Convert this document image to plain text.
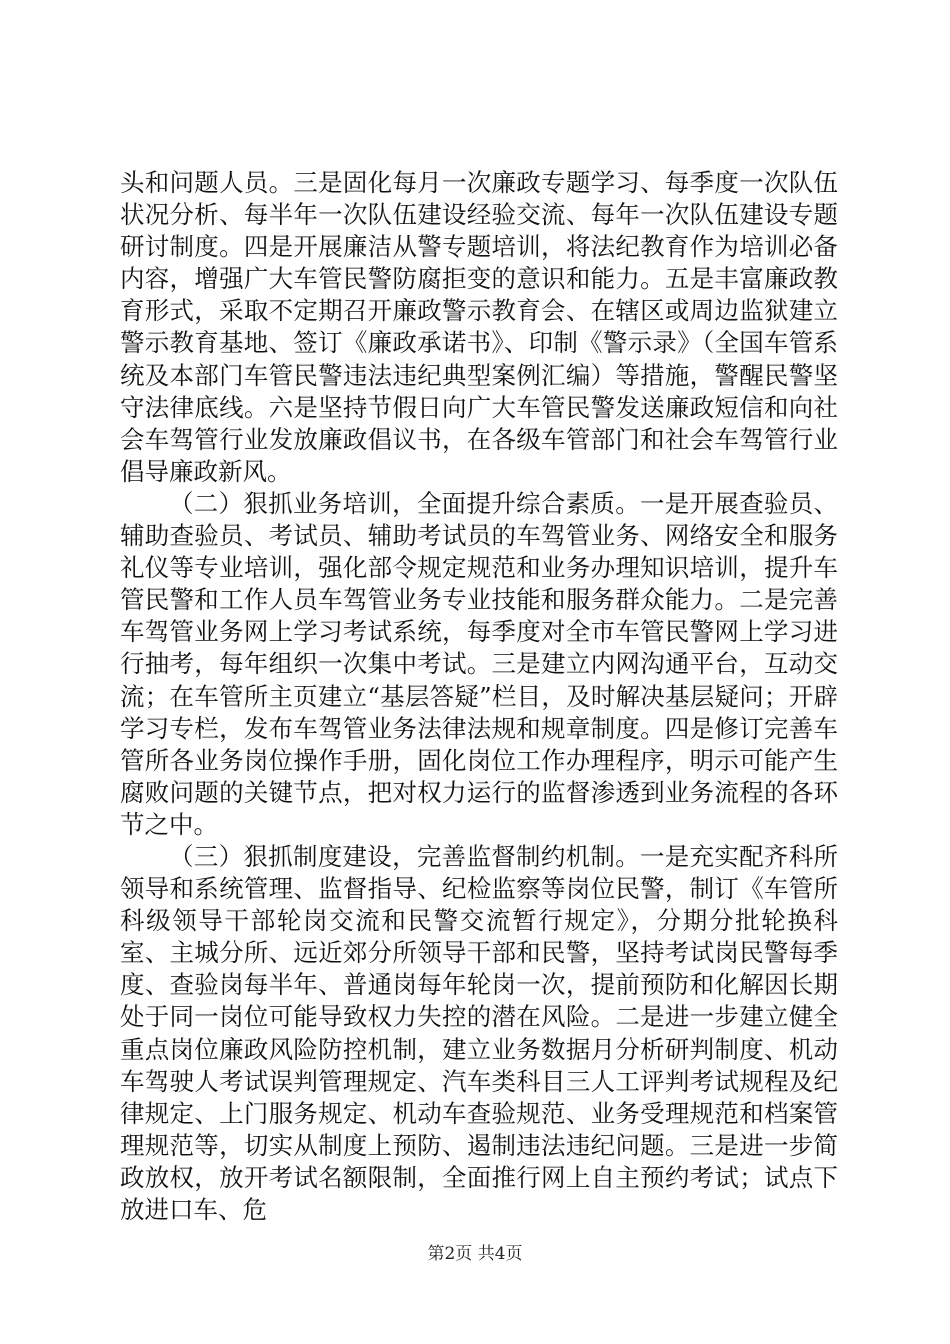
头和问题人员。三是固化每月一次廉政专题学习、每季度一次队伍状况分析、每半年一次队伍建设经验交流、每年一次队伍建设专题研讨制度。四是开展廉洁从警专题培训，将法纪教育作为培训必备内容，增强广大车管民警防腐拒变的意识和能力。五是丰富廉政教育形式，采取不定期召开廉政警示教育会、在辖区或周边监狱建立警示教育基地、签订《廉政承诺书》、印制《警示录》（全国车管系统及本部门车管民警违法违纪典型案例汇编）等措施，警醒民警坚守法律底线。六是坚持节假日向广大车管民警发送廉政短信和向社会车驾管行业发放廉政倡议书，在各级车管部门和社会车驾管行业倡导廉政新风。

（二）狠抓业务培训，全面提升综合素质。一是开展查验员、辅助查验员、考试员、辅助考试员的车驾管业务、网络安全和服务礼仪等专业培训，强化部令规定规范和业务办理知识培训，提升车管民警和工作人员车驾管业务专业技能和服务群众能力。二是完善车驾管业务网上学习考试系统，每季度对全市车管民警网上学习进行抽考，每年组织一次集中考试。三是建立内网沟通平台，互动交流；在车管所主页建立“基层答疑”栏目，及时解决基层疑问；开辟学习专栏，发布车驾管业务法律法规和规章制度。四是修订完善车管所各业务岗位操作手册，固化岗位工作办理程序，明示可能产生腐败问题的关键节点，把对权力运行的监督渗透到业务流程的各环节之中。

（三）狠抓制度建设，完善监督制约机制。一是充实配齐科所领导和系统管理、监督指导、纪检监察等岗位民警，制订《车管所科级领导干部轮岗交流和民警交流暂行规定》，分期分批轮换科室、主城分所、远近郊分所领导干部和民警，坚持考试岗民警每季度、查验岗每半年、普通岗每年轮岗一次，提前预防和化解因长期处于同一岗位可能导致权力失控的潜在风险。二是进一步建立健全重点岗位廉政风险防控机制，建立业务数据月分析研判制度、机动车驾驶人考试误判管理规定、汽车类科目三人工评判考试规程及纪律规定、上门服务规定、机动车查验规范、业务受理规范和档案管理规范等，切实从制度上预防、遏制违法违纪问题。三是进一步简政放权，放开考试名额限制，全面推行网上自主预约考试；试点下放进口车、危

第2页 共4页
